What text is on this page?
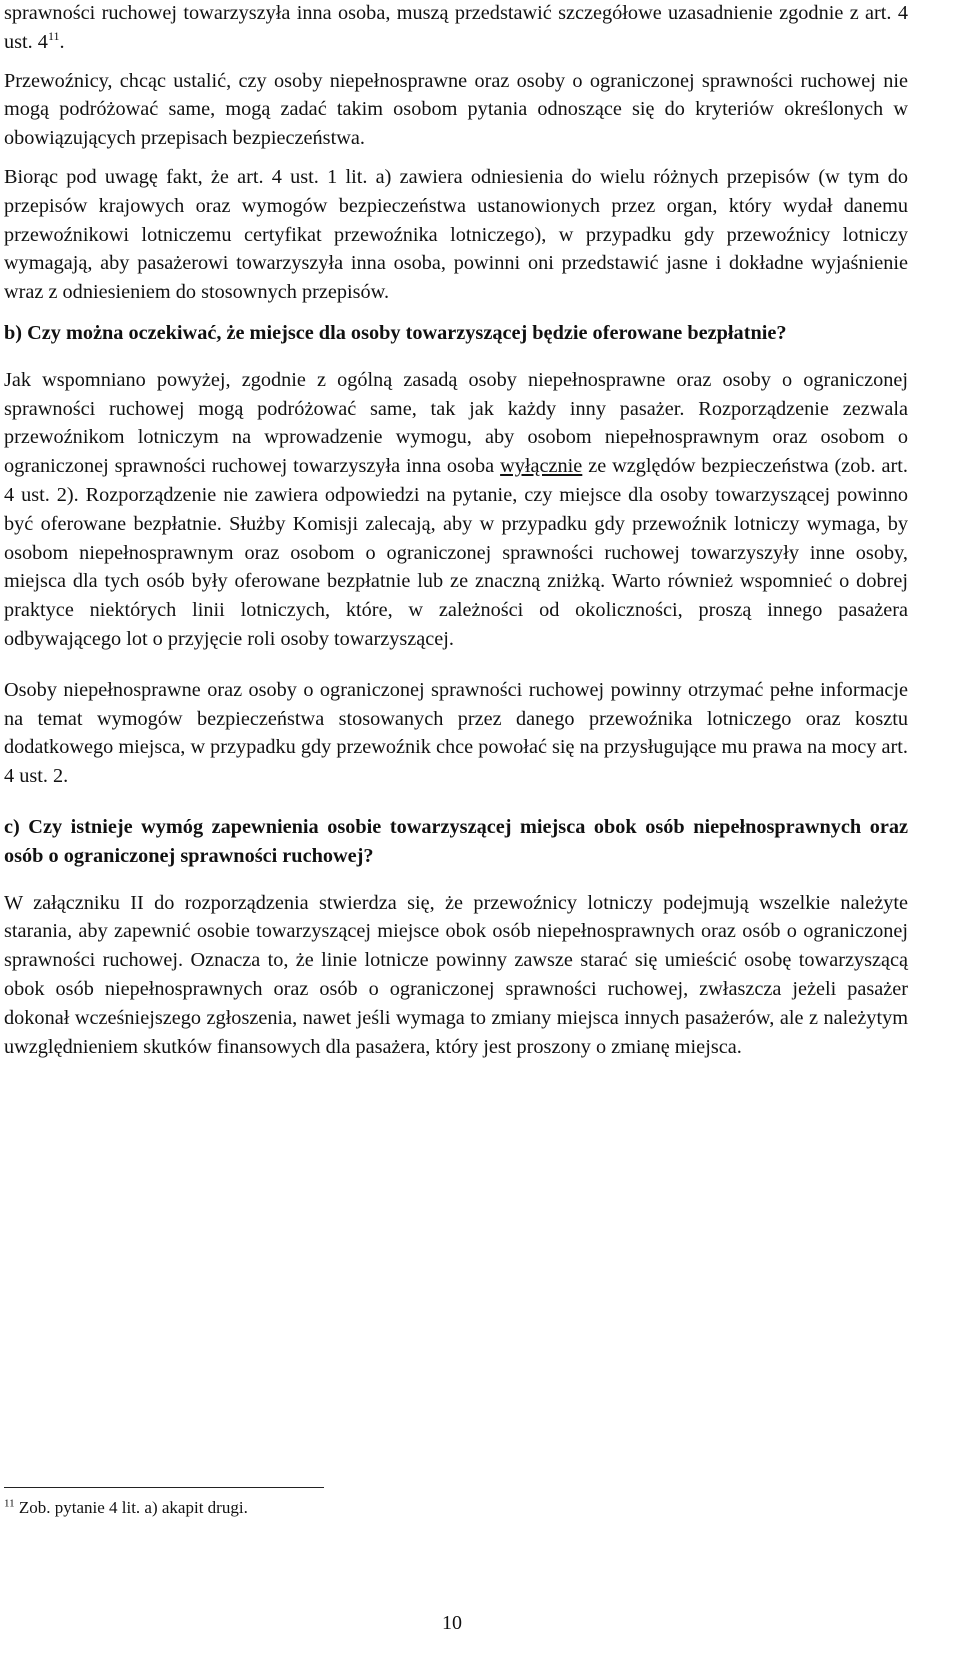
sprawności ruchowej towarzyszyła inna osoba, muszą przedstawić szczegółowe uzasadnienie zgodnie z art. 4 ust. 4$^{11}$.

Przewoźnicy, chcąc ustalić, czy osoby niepełnosprawne oraz osoby o ograniczonej sprawności ruchowej nie mogą podróżować same, mogą zadać takim osobom pytania odnoszące się do kryteriów określonych w obowiązujących przepisach bezpieczeństwa.

Biorąc pod uwagę fakt, że art. 4 ust. 1 lit. a) zawiera odniesienia do wielu różnych przepisów (w tym do przepisów krajowych oraz wymogów bezpieczeństwa ustanowionych przez organ, który wydał danemu przewoźnikowi lotniczemu certyfikat przewoźnika lotniczego), w przypadku gdy przewoźnicy lotniczy wymagają, aby pasażerowi towarzyszyła inna osoba, powinni oni przedstawić jasne i dokładne wyjaśnienie wraz z odniesieniem do stosownych przepisów.

b) Czy można oczekiwać, że miejsce dla osoby towarzyszącej będzie oferowane bezpłatnie?

Jak wspomniano powyżej, zgodnie z ogólną zasadą osoby niepełnosprawne oraz osoby o ograniczonej sprawności ruchowej mogą podróżować same, tak jak każdy inny pasażer. Rozporządzenie zezwala przewoźnikom lotniczym na wprowadzenie wymogu, aby osobom niepełnosprawnym oraz osobom o ograniczonej sprawności ruchowej towarzyszyła inna osoba wyłącznie ze względów bezpieczeństwa (zob. art. 4 ust. 2). Rozporządzenie nie zawiera odpowiedzi na pytanie, czy miejsce dla osoby towarzyszącej powinno być oferowane bezpłatnie. Służby Komisji zalecają, aby w przypadku gdy przewoźnik lotniczy wymaga, by osobom niepełnosprawnym oraz osobom o ograniczonej sprawności ruchowej towarzyszyły inne osoby, miejsca dla tych osób były oferowane bezpłatnie lub ze znaczną zniżką. Warto również wspomnieć o dobrej praktyce niektórych linii lotniczych, które, w zależności od okoliczności, proszą innego pasażera odbywającego lot o przyjęcie roli osoby towarzyszącej.

Osoby niepełnosprawne oraz osoby o ograniczonej sprawności ruchowej powinny otrzymać pełne informacje na temat wymogów bezpieczeństwa stosowanych przez danego przewoźnika lotniczego oraz kosztu dodatkowego miejsca, w przypadku gdy przewoźnik chce powołać się na przysługujące mu prawa na mocy art. 4 ust. 2.

c) Czy istnieje wymóg zapewnienia osobie towarzyszącej miejsca obok osób niepełnosprawnych oraz osób o ograniczonej sprawności ruchowej?

W załączniku II do rozporządzenia stwierdza się, że przewoźnicy lotniczy podejmują wszelkie należyte starania, aby zapewnić osobie towarzyszącej miejsce obok osób niepełnosprawnych oraz osób o ograniczonej sprawności ruchowej. Oznacza to, że linie lotnicze powinny zawsze starać się umieścić osobę towarzyszącą obok osób niepełnosprawnych oraz osób o ograniczonej sprawności ruchowej, zwłaszcza jeżeli pasażer dokonał wcześniejszego zgłoszenia, nawet jeśli wymaga to zmiany miejsca innych pasażerów, ale z należytym uwzględnieniem skutków finansowych dla pasażera, który jest proszony o zmianę miejsca.

$^{11}$ Zob. pytanie 4 lit. a) akapit drugi.
10
